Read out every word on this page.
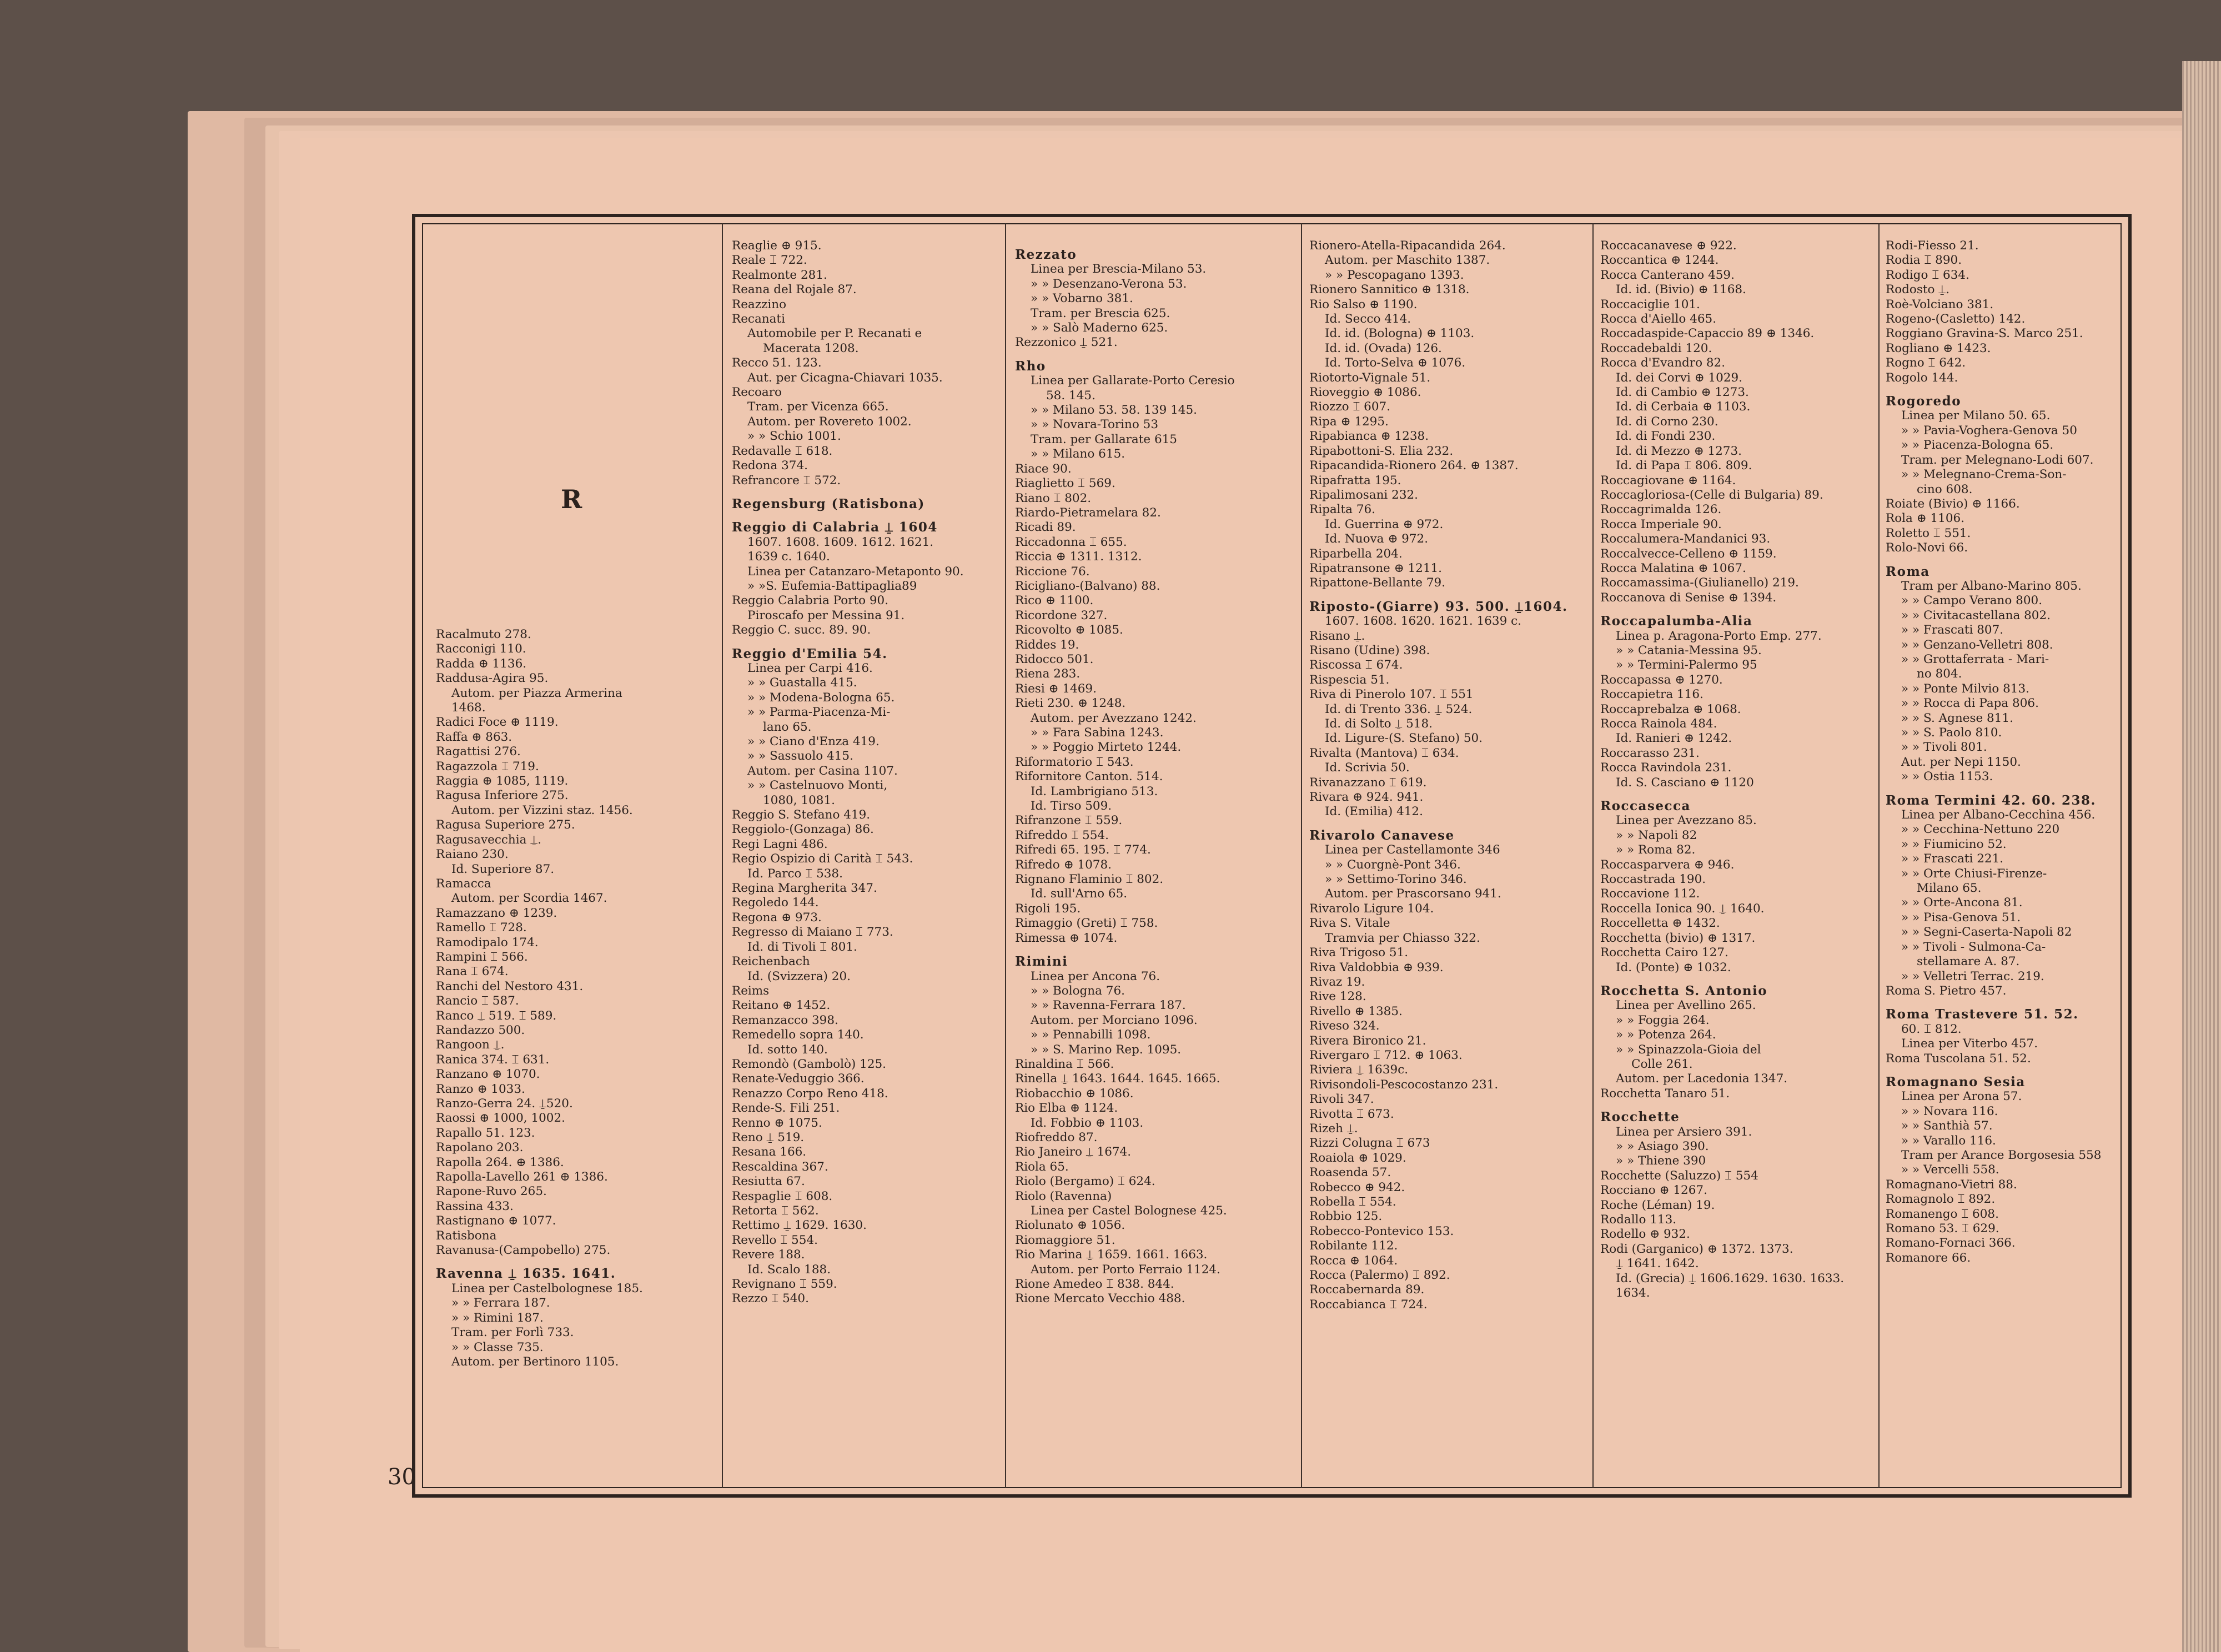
R
Racalmuto 278.
Racconigi 110.
Radda ⊕ 1136.
Raddusa-Agira 95.
Autom. per Piazza Armerina
1468.
Radici Foce ⊕ 1119.
Raffa ⊕ 863.
Ragattisi 276.
Ragazzola ⌶ 719.
Raggia ⊕ 1085, 1119.
Ragusa Inferiore 275.
Autom. per Vizzini staz. 1456.
Ragusa Superiore 275.
Ragusavecchia ⍊.
Raiano 230.
Id. Superiore 87.
Ramacca
Autom. per Scordia 1467.
Ramazzano ⊕ 1239.
Ramello ⌶ 728.
Ramodipalo 174.
Rampini ⌶ 566.
Rana ⌶ 674.
Ranchi del Nestoro 431.
Rancio ⌶ 587.
Ranco ⍊ 519. ⌶ 589.
Randazzo 500.
Rangoon ⍊.
Ranica 374. ⌶ 631.
Ranzano ⊕ 1070.
Ranzo ⊕ 1033.
Ranzo-Gerra 24. ⍊520.
Raossi ⊕ 1000, 1002.
Rapallo 51. 123.
Rapolano 203.
Rapolla 264. ⊕ 1386.
Rapolla-Lavello 261 ⊕ 1386.
Rapone-Ruvo 265.
Rassina 433.
Rastignano ⊕ 1077.
Ratisbona
Ravanusa-(Campobello) 275.
Ravenna ⍊ 1635. 1641.
Linea per Castelbolognese 185.
» » Ferrara 187.
» » Rimini 187.
Tram. per Forlì 733.
» » Classe 735.
Autom. per Bertinoro 1105.
Reaglie ⊕ 915.
Reale ⌶ 722.
Realmonte 281.
Reana del Rojale 87.
Reazzino
Recanati
Automobile per P. Recanati e
Macerata 1208.
Recco 51. 123.
Aut. per Cicagna-Chiavari 1035.
Recoaro
Tram. per Vicenza 665.
Autom. per Rovereto 1002.
» » Schio 1001.
Redavalle ⌶ 618.
Redona 374.
Refrancore ⌶ 572.
Regensburg (Ratisbona)
Reggio di Calabria ⍊ 1604
1607. 1608. 1609. 1612. 1621.
1639 c. 1640.
Linea per Catanzaro-Metaponto 90.
» »S. Eufemia-Battipaglia89
Reggio Calabria Porto 90.
Piroscafo per Messina 91.
Reggio C. succ. 89. 90.
Reggio d'Emilia 54.
Linea per Carpi 416.
» » Guastalla 415.
» » Modena-Bologna 65.
» » Parma-Piacenza-Mi-
lano 65.
» » Ciano d'Enza 419.
» » Sassuolo 415.
Autom. per Casina 1107.
» » Castelnuovo Monti,
1080, 1081.
Reggio S. Stefano 419.
Reggiolo-(Gonzaga) 86.
Regi Lagni 486.
Regio Ospizio di Carità ⌶ 543.
Id. Parco ⌶ 538.
Regina Margherita 347.
Regoledo 144.
Regona ⊕ 973.
Regresso di Maiano ⌶ 773.
Id. di Tivoli ⌶ 801.
Reichenbach
Id. (Svizzera) 20.
Reims
Reitano ⊕ 1452.
Remanzacco 398.
Remedello sopra 140.
Id. sotto 140.
Remondò (Gambolò) 125.
Renate-Veduggio 366.
Renazzo Corpo Reno 418.
Rende-S. Fili 251.
Renno ⊕ 1075.
Reno ⍊ 519.
Resana 166.
Rescaldina 367.
Resiutta 67.
Respaglie ⌶ 608.
Retorta ⌶ 562.
Rettimo ⍊ 1629. 1630.
Revello ⌶ 554.
Revere 188.
Id. Scalo 188.
Revignano ⌶ 559.
Rezzo ⌶ 540.
Rezzato
Linea per Brescia-Milano 53.
» » Desenzano-Verona 53.
» » Vobarno 381.
Tram. per Brescia 625.
» » Salò Maderno 625.
Rezzonico ⍊ 521.
Rho
Linea per Gallarate-Porto Ceresio
58. 145.
» » Milano 53. 58. 139 145.
» » Novara-Torino 53
Tram. per Gallarate 615
» » Milano 615.
Riace 90.
Riaglietto ⌶ 569.
Riano ⌶ 802.
Riardo-Pietramelara 82.
Ricadi 89.
Riccadonna ⌶ 655.
Riccia ⊕ 1311. 1312.
Riccione 76.
Ricigliano-(Balvano) 88.
Rico ⊕ 1100.
Ricordone 327.
Ricovolto ⊕ 1085.
Riddes 19.
Ridocco 501.
Riena 283.
Riesi ⊕ 1469.
Rieti 230. ⊕ 1248.
Autom. per Avezzano 1242.
» » Fara Sabina 1243.
» » Poggio Mirteto 1244.
Riformatorio ⌶ 543.
Rifornitore Canton. 514.
Id. Lambrigiano 513.
Id. Tirso 509.
Rifranzone ⌶ 559.
Rifreddo ⌶ 554.
Rifredi 65. 195. ⌶ 774.
Rifredo ⊕ 1078.
Rignano Flaminio ⌶ 802.
Id. sull'Arno 65.
Rigoli 195.
Rimaggio (Greti) ⌶ 758.
Rimessa ⊕ 1074.
Rimini
Linea per Ancona 76.
» » Bologna 76.
» » Ravenna-Ferrara 187.
Autom. per Morciano 1096.
» » Pennabilli 1098.
» » S. Marino Rep. 1095.
Rinaldina ⌶ 566.
Rinella ⍊ 1643. 1644. 1645. 1665.
Riobacchio ⊕ 1086.
Rio Elba ⊕ 1124.
Id. Fobbio ⊕ 1103.
Riofreddo 87.
Rio Janeiro ⍊ 1674.
Riola 65.
Riolo (Bergamo) ⌶ 624.
Riolo (Ravenna)
Linea per Castel Bolognese 425.
Riolunato ⊕ 1056.
Riomaggiore 51.
Rio Marina ⍊ 1659. 1661. 1663.
Autom. per Porto Ferraio 1124.
Rione Amedeo ⌶ 838. 844.
Rione Mercato Vecchio 488.
Rionero-Atella-Ripacandida 264.
Autom. per Maschito 1387.
» » Pescopagano 1393.
Rionero Sannitico ⊕ 1318.
Rio Salso ⊕ 1190.
Id. Secco 414.
Id. id. (Bologna) ⊕ 1103.
Id. id. (Ovada) 126.
Id. Torto-Selva ⊕ 1076.
Riotorto-Vignale 51.
Rioveggio ⊕ 1086.
Riozzo ⌶ 607.
Ripa ⊕ 1295.
Ripabianca ⊕ 1238.
Ripabottoni-S. Elia 232.
Ripacandida-Rionero 264. ⊕ 1387.
Ripafratta 195.
Ripalimosani 232.
Ripalta 76.
Id. Guerrina ⊕ 972.
Id. Nuova ⊕ 972.
Riparbella 204.
Ripatransone ⊕ 1211.
Ripattone-Bellante 79.
Riposto-(Giarre) 93. 500. ⍊1604.
1607. 1608. 1620. 1621. 1639 c.
Risano ⍊.
Risano (Udine) 398.
Riscossa ⌶ 674.
Rispescia 51.
Riva di Pinerolo 107. ⌶ 551
Id. di Trento 336. ⍊ 524.
Id. di Solto ⍊ 518.
Id. Ligure-(S. Stefano) 50.
Rivalta (Mantova) ⌶ 634.
Id. Scrivia 50.
Rivanazzano ⌶ 619.
Rivara ⊕ 924. 941.
Id. (Emilia) 412.
Rivarolo Canavese
Linea per Castellamonte 346
» » Cuorgnè-Pont 346.
» » Settimo-Torino 346.
Autom. per Prascorsano 941.
Rivarolo Ligure 104.
Riva S. Vitale
Tramvia per Chiasso 322.
Riva Trigoso 51.
Riva Valdobbia ⊕ 939.
Rivaz 19.
Rive 128.
Rivello ⊕ 1385.
Riveso 324.
Rivera Bironico 21.
Rivergaro ⌶ 712. ⊕ 1063.
Riviera ⍊ 1639c.
Rivisondoli-Pescocostanzo 231.
Rivoli 347.
Rivotta ⌶ 673.
Rizeh ⍊.
Rizzi Colugna ⌶ 673
Roaiola ⊕ 1029.
Roasenda 57.
Robecco ⊕ 942.
Robella ⌶ 554.
Robbio 125.
Robecco-Pontevico 153.
Robilante 112.
Rocca ⊕ 1064.
Rocca (Palermo) ⌶ 892.
Roccabernarda 89.
Roccabianca ⌶ 724.
Roccacanavese ⊕ 922.
Roccantica ⊕ 1244.
Rocca Canterano 459.
Id. id. (Bivio) ⊕ 1168.
Roccaciglie 101.
Rocca d'Aiello 465.
Roccadaspide-Capaccio 89 ⊕ 1346.
Roccadebaldi 120.
Rocca d'Evandro 82.
Id. dei Corvi ⊕ 1029.
Id. di Cambio ⊕ 1273.
Id. di Cerbaia ⊕ 1103.
Id. di Corno 230.
Id. di Fondi 230.
Id. di Mezzo ⊕ 1273.
Id. di Papa ⌶ 806. 809.
Roccagiovane ⊕ 1164.
Roccagloriosa-(Celle di Bulgaria) 89.
Roccagrimalda 126.
Rocca Imperiale 90.
Roccalumera-Mandanici 93.
Roccalvecce-Celleno ⊕ 1159.
Rocca Malatina ⊕ 1067.
Roccamassima-(Giulianello) 219.
Roccanova di Senise ⊕ 1394.
Roccapalumba-Alia
Linea p. Aragona-Porto Emp. 277.
» » Catania-Messina 95.
» » Termini-Palermo 95
Roccapassa ⊕ 1270.
Roccapietra 116.
Roccaprebalza ⊕ 1068.
Rocca Rainola 484.
Id. Ranieri ⊕ 1242.
Roccarasso 231.
Rocca Ravindola 231.
Id. S. Casciano ⊕ 1120
Roccasecca
Linea per Avezzano 85.
» » Napoli 82
» » Roma 82.
Roccasparvera ⊕ 946.
Roccastrada 190.
Roccavione 112.
Roccella Ionica 90. ⍊ 1640.
Roccelletta ⊕ 1432.
Rocchetta (bivio) ⊕ 1317.
Rocchetta Cairo 127.
Id. (Ponte) ⊕ 1032.
Rocchetta S. Antonio
Linea per Avellino 265.
» » Foggia 264.
» » Potenza 264.
» » Spinazzola-Gioia del
Colle 261.
Autom. per Lacedonia 1347.
Rocchetta Tanaro 51.
Rocchette
Linea per Arsiero 391.
» » Asiago 390.
» » Thiene 390
Rocchette (Saluzzo) ⌶ 554
Rocciano ⊕ 1267.
Roche (Léman) 19.
Rodallo 113.
Rodello ⊕ 932.
Rodi (Garganico) ⊕ 1372. 1373.
⍊ 1641. 1642.
Id. (Grecia) ⍊ 1606.1629. 1630. 1633.
1634.
Rodi-Fiesso 21.
Rodia ⌶ 890.
Rodigo ⌶ 634.
Rodosto ⍊.
Roè-Volciano 381.
Rogeno-(Casletto) 142.
Roggiano Gravina-S. Marco 251.
Rogliano ⊕ 1423.
Rogno ⌶ 642.
Rogolo 144.
Rogoredo
Linea per Milano 50. 65.
» » Pavia-Voghera-Genova 50
» » Piacenza-Bologna 65.
Tram. per Melegnano-Lodi 607.
» » Melegnano-Crema-Son-
cino 608.
Roiate (Bivio) ⊕ 1166.
Rola ⊕ 1106.
Roletto ⌶ 551.
Rolo-Novi 66.
Roma
Tram per Albano-Marino 805.
» » Campo Verano 800.
» » Civitacastellana 802.
» » Frascati 807.
» » Genzano-Velletri 808.
» » Grottaferrata - Mari-
no 804.
» » Ponte Milvio 813.
» » Rocca di Papa 806.
» » S. Agnese 811.
» » S. Paolo 810.
» » Tivoli 801.
Aut. per Nepi 1150.
» » Ostia 1153.
Roma Termini 42. 60. 238.
Linea per Albano-Cecchina 456.
» » Cecchina-Nettuno 220
» » Fiumicino 52.
» » Frascati 221.
» » Orte Chiusi-Firenze-
Milano 65.
» » Orte-Ancona 81.
» » Pisa-Genova 51.
» » Segni-Caserta-Napoli 82
» » Tivoli - Sulmona-Ca-
stellamare A. 87.
» » Velletri Terrac. 219.
Roma S. Pietro 457.
Roma Trastevere 51. 52.
60. ⌶ 812.
Linea per Viterbo 457.
Roma Tuscolana 51. 52.
Romagnano Sesia
Linea per Arona 57.
» » Novara 116.
» » Santhià 57.
» » Varallo 116.
Tram per Arance Borgosesia 558
» » Vercelli 558.
Romagnano-Vietri 88.
Romagnolo ⌶ 892.
Romanengo ⌶ 608.
Romano 53. ⌶ 629.
Romano-Fornaci 366.
Romanore 66.
30
